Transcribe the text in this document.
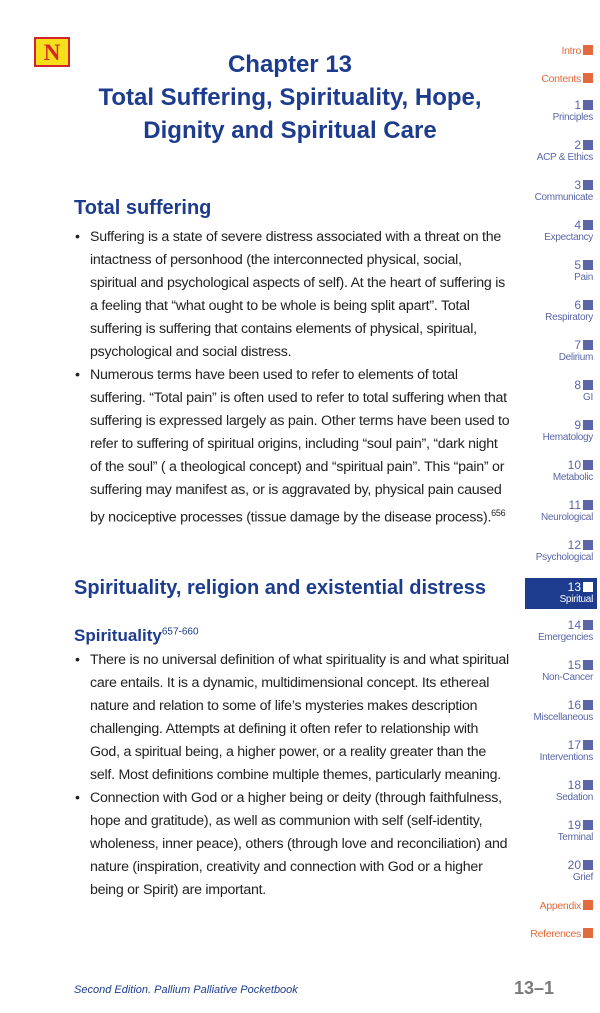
N	Chapter 13
Total Suffering, Spirituality, Hope,
Dignity and Spiritual Care
Total suffering
• Suffering is a state of severe distress associated with a threat on the intactness of personhood (the interconnected physical, social, spiritual and psychological aspects of self). At the heart of suffering is a feeling that “what ought to be whole is being split apart”. Total suffering is suffering that contains elements of physical, spiritual, psychological and social distress.
• Numerous terms have been used to refer to elements of total suffering. “Total pain” is often used to refer to total suffering when that suffering is expressed largely as pain. Other terms have been used to refer to suffering of spiritual origins, including “soul pain”, “dark night of the soul” ( a theological concept) and “spiritual pain”. This “pain” or suffering may manifest as, or is aggravated by, physical pain caused by nociceptive processes (tissue damage by the disease process).$^{656}$
Spirituality, religion and existential distress
Spirituality$^{657-660}$
• There is no universal definition of what spirituality is and what spiritual care entails. It is a dynamic, multidimensional concept. Its ethereal nature and relation to some of life’s mysteries makes description challenging. Attempts at defining it often refer to relationship with God, a spiritual being, a higher power, or a reality greater than the self. Most definitions combine multiple themes, particularly meaning.
• Connection with God or a higher being or deity (through faithfulness, hope and gratitude), as well as communion with self (self-identity, wholeness, inner peace), others (through love and reconciliation) and nature (inspiration, creativity and connection with God or a higher being or Spirit) are important.
Intro
Contents
1
Principles
2
ACP & Ethics
3
Communicate
4
Expectancy
5
Pain
6
Respiratory
7
Delirium
8
GI
9
Hematology
10
Metabolic
11
Neurological
12
Psychological
13
Spiritual
14
Emergencies
15
Non-Cancer
16
Miscellaneous
17
Interventions
18
Sedation
19
Terminal
20
Grief
Appendix
References
Second Edition. Pallium Palliative Pocketbook	13–1
